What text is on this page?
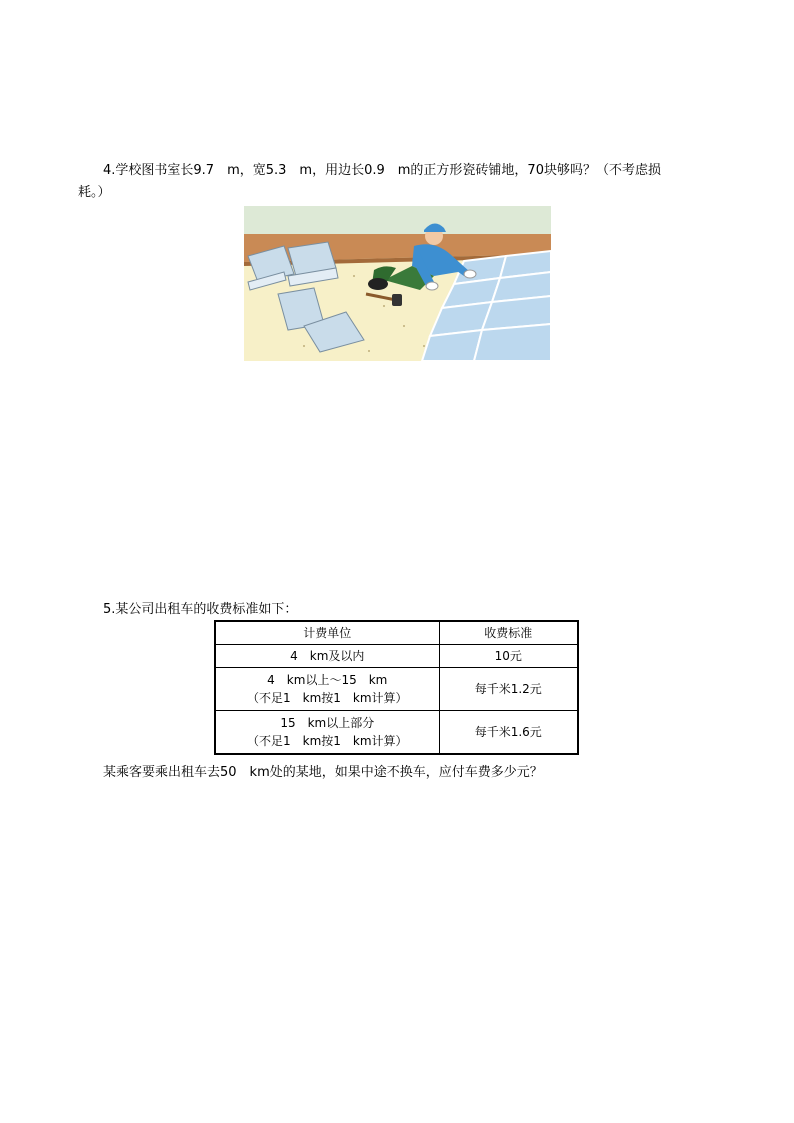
4.学校图书室长9.7　m，宽5.3　m，用边长0.9　m的正方形瓷砖铺地，70块够吗？（不考虑损
耗。）
5.某公司出租车的收费标准如下：
计费单位	收费标准

4　km及以内	10元

4　km以上～15　km
（不足1　km按1　km计算）	每千米1.2元

15　km以上部分
（不足1　km按1　km计算）	每千米1.6元
某乘客要乘出租车去50　km处的某地，如果中途不换车，应付车费多少元？
